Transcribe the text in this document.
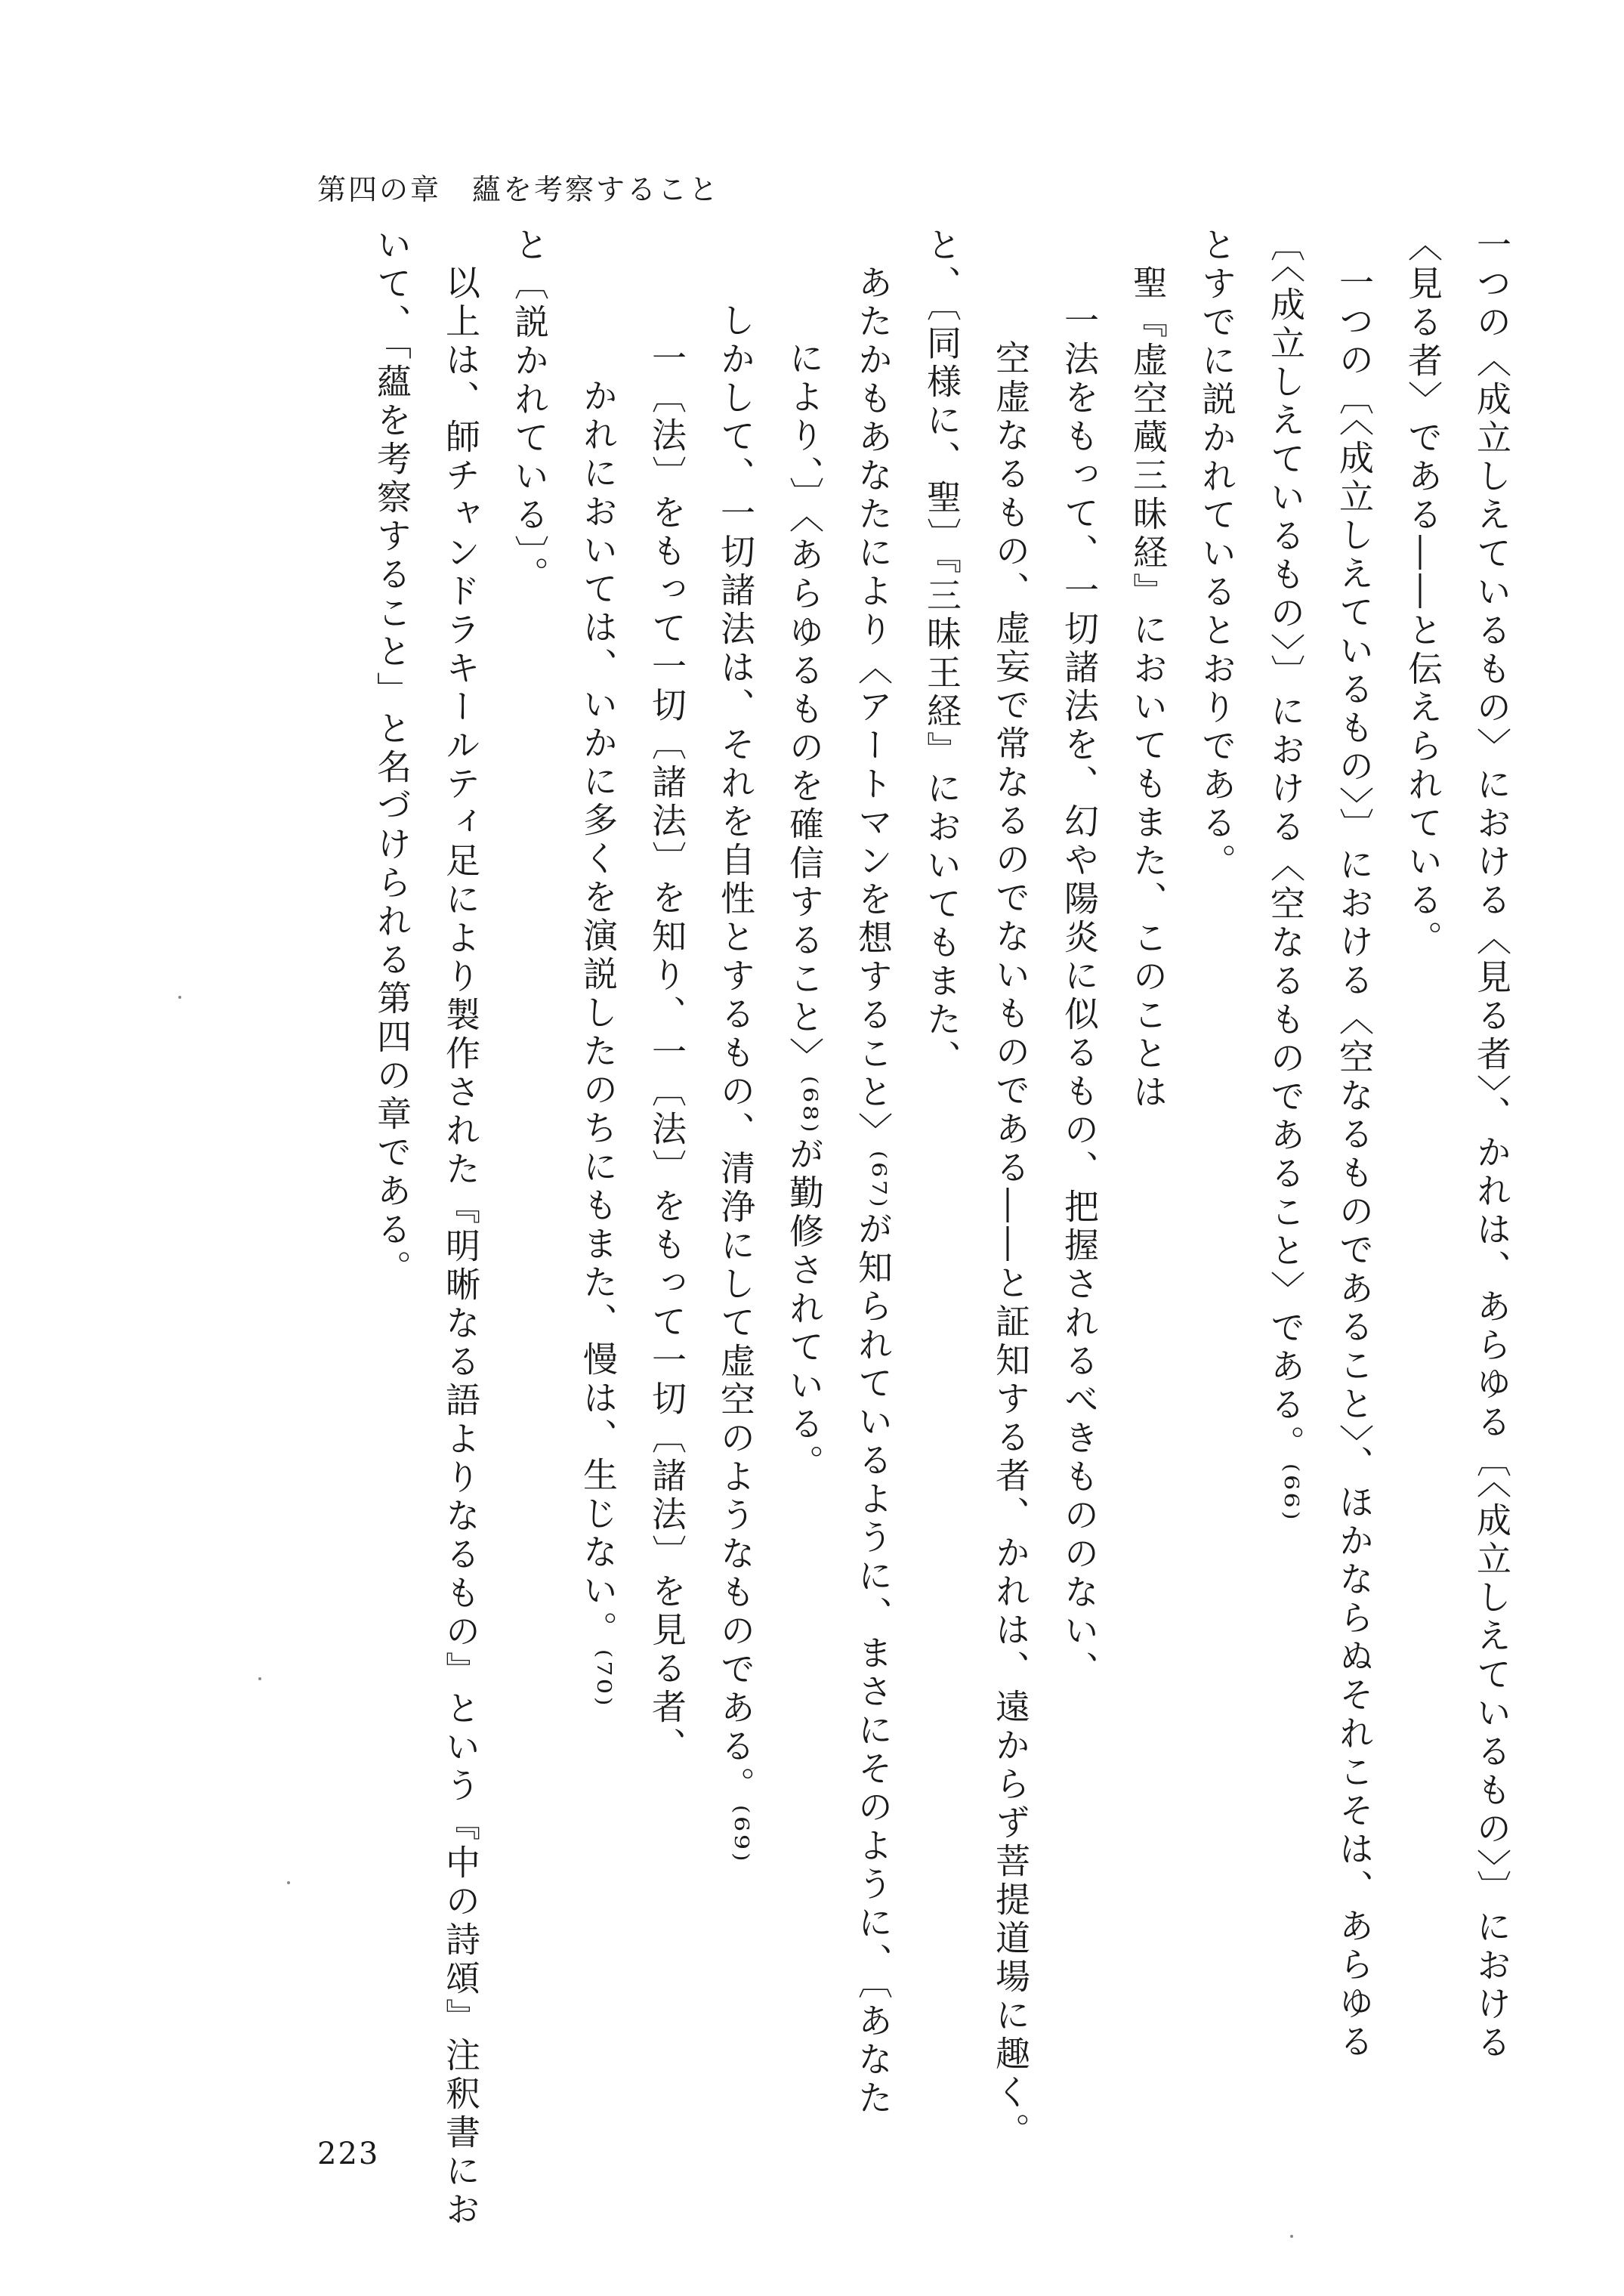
第四の章　蘊を考察すること
一つの〈成立しえているもの〉における〈見る者〉、かれは、あらゆる〔〈成立しえているもの〉〕における
〈見る者〉である――と伝えられている。
一つの〔〈成立しえているもの〉〕における〈空なるものであること〉、ほかならぬそれこそは、あらゆる
〔〈成立しえているもの〉〕における〈空なるものであること〉である。⁽⁶⁶⁾
とすでに説かれているとおりである。
聖『虚空蔵三昧経』においてもまた、このことは
一法をもって、一切諸法を、幻や陽炎に似るもの、把握されるべきもののない、
空虚なるもの、虚妄で常なるのでないものである――と証知する者、かれは、遠からず菩提道場に趣く。
と、〔同様に、聖〕『三昧王経』においてもまた、
あたかもあなたにより〈アートマンを想すること〉⁽⁶⁷⁾が知られているように、まさにそのように、〔あなた
により、〕〈あらゆるものを確信すること〉⁽⁶⁸⁾が勤修されている。
しかして、一切諸法は、それを自性とするもの、清浄にして虚空のようなものである。⁽⁶⁹⁾
一〔法〕をもって一切〔諸法〕を知り、一〔法〕をもって一切〔諸法〕を見る者、
かれにおいては、いかに多くを演説したのちにもまた、慢は、生じない。⁽⁷⁰⁾
と〔説かれている〕。
以上は、師チャンドラキールティ足により製作された『明晰なる語よりなるもの』という『中の詩頌』注釈書にお
いて、「蘊を考察すること」と名づけられる第四の章である。
223
